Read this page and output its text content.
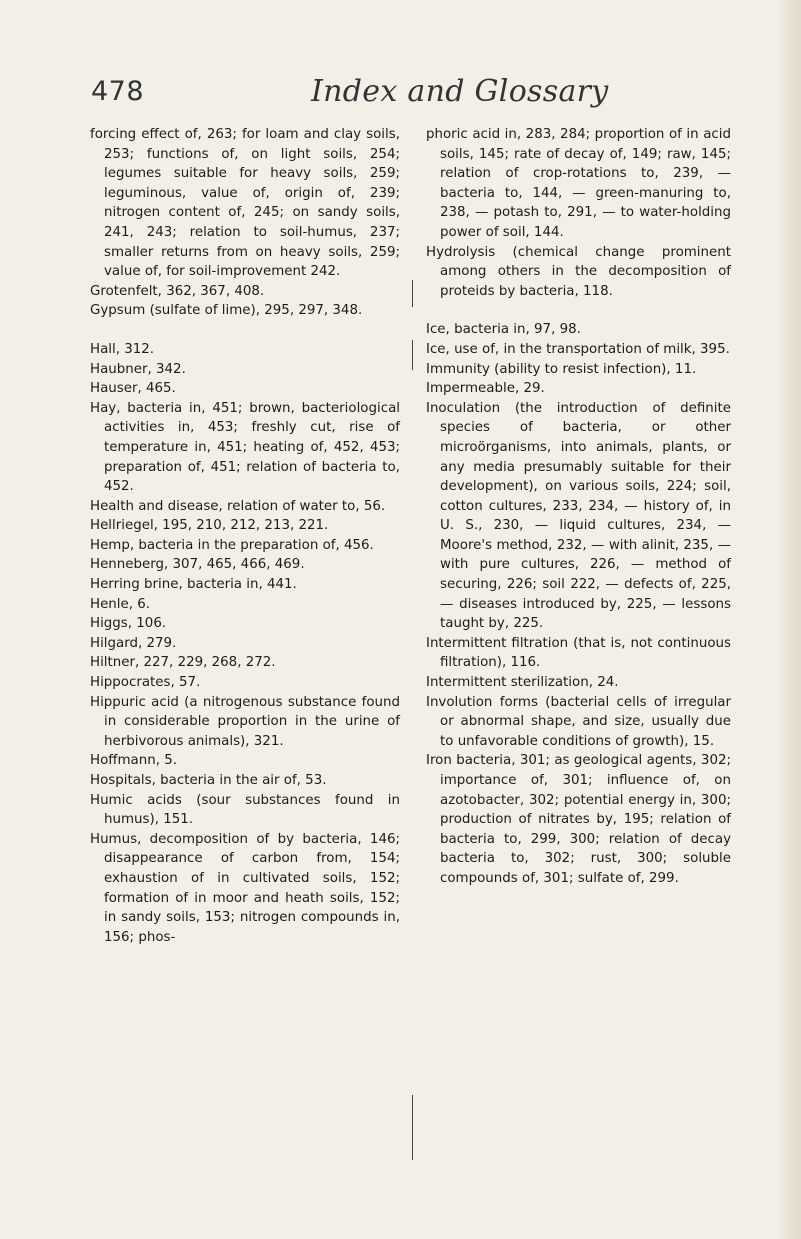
478	Index and Glossary

forcing effect of, 263; for loam and clay soils, 253; functions of, on light soils, 254; legumes suitable for heavy soils, 259; leguminous, value of, origin of, 239; nitrogen content of, 245; on sandy soils, 241, 243; relation to soil-humus, 237; smaller returns from on heavy soils, 259; value of, for soil-improvement 242.

Grotenfelt, 362, 367, 408.

Gypsum (sulfate of lime), 295, 297, 348.

Hall, 312.

Haubner, 342.

Hauser, 465.

Hay, bacteria in, 451; brown, bacteriological activities in, 453; freshly cut, rise of temperature in, 451; heating of, 452, 453; preparation of, 451; relation of bacteria to, 452.

Health and disease, relation of water to, 56.

Hellriegel, 195, 210, 212, 213, 221.

Hemp, bacteria in the preparation of, 456.

Henneberg, 307, 465, 466, 469.

Herring brine, bacteria in, 441.

Henle, 6.

Higgs, 106.

Hilgard, 279.

Hiltner, 227, 229, 268, 272.

Hippocrates, 57.

Hippuric acid (a nitrogenous substance found in considerable proportion in the urine of herbivorous animals), 321.

Hoffmann, 5.

Hospitals, bacteria in the air of, 53.

Humic acids (sour substances found in humus), 151.

Humus, decomposition of by bacteria, 146; disappearance of carbon from, 154; exhaustion of in cultivated soils, 152; formation of in moor and heath soils, 152; in sandy soils, 153; nitrogen compounds in, 156; phos-

phoric acid in, 283, 284; proportion of in acid soils, 145; rate of decay of, 149; raw, 145; relation of crop-rotations to, 239, — bacteria to, 144, — green-manuring to, 238, — potash to, 291, — to water-holding power of soil, 144.

Hydrolysis (chemical change prominent among others in the decomposition of proteids by bacteria, 118.

Ice, bacteria in, 97, 98.

Ice, use of, in the transportation of milk, 395.

Immunity (ability to resist infection), 11.

Impermeable, 29.

Inoculation (the introduction of definite species of bacteria, or other microörganisms, into animals, plants, or any media presumably suitable for their development), on various soils, 224; soil, cotton cultures, 233, 234, — history of, in U. S., 230, — liquid cultures, 234, — Moore's method, 232, — with alinit, 235, — with pure cultures, 226, — method of securing, 226; soil 222, — defects of, 225, — diseases introduced by, 225, — lessons taught by, 225.

Intermittent filtration (that is, not continuous filtration), 116.

Intermittent sterilization, 24.

Involution forms (bacterial cells of irregular or abnormal shape, and size, usually due to unfavorable conditions of growth), 15.

Iron bacteria, 301; as geological agents, 302; importance of, 301; influence of, on azotobacter, 302; potential energy in, 300; production of nitrates by, 195; relation of bacteria to, 299, 300; relation of decay bacteria to, 302; rust, 300; soluble compounds of, 301; sulfate of, 299.
